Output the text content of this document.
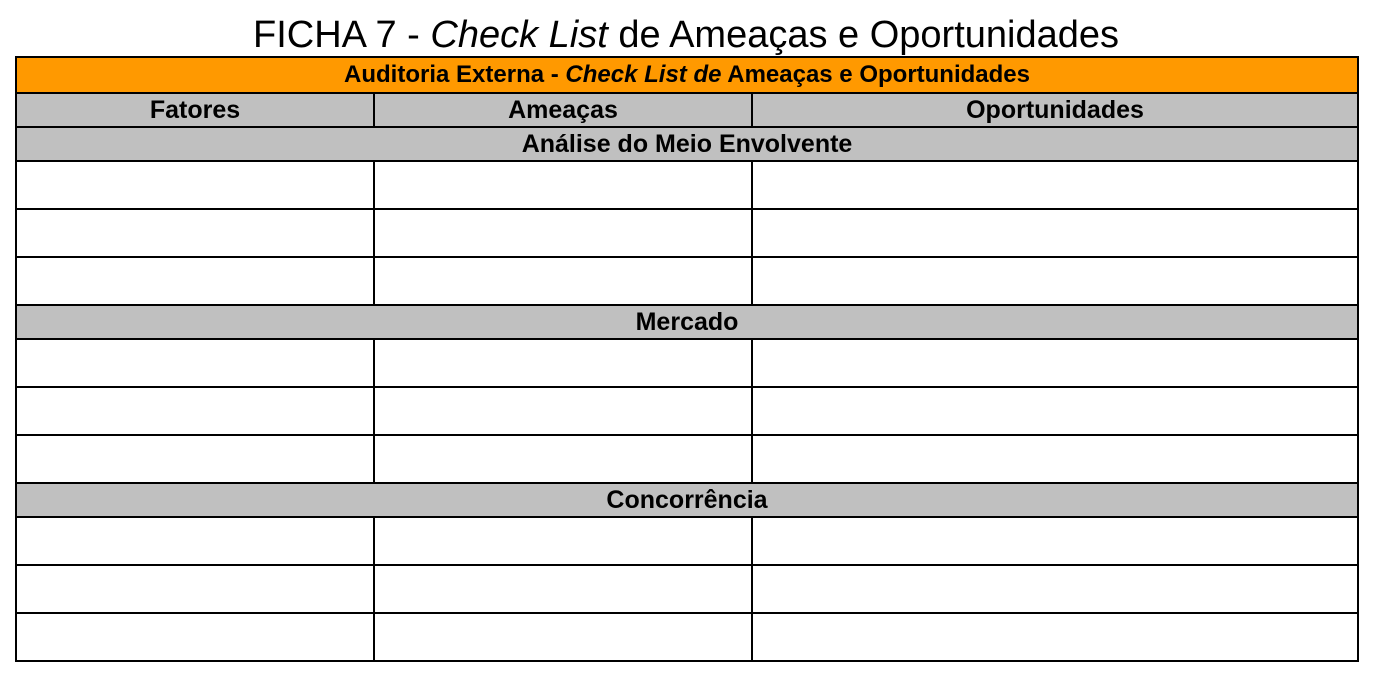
FICHA 7 - Check List de Ameaças e Oportunidades
Auditoria Externa - Check List de Ameaças e Oportunidades		
Fatores	Ameaças	Oportunidades
Análise do Meio Envolvente		

Mercado		

Concorrência		
